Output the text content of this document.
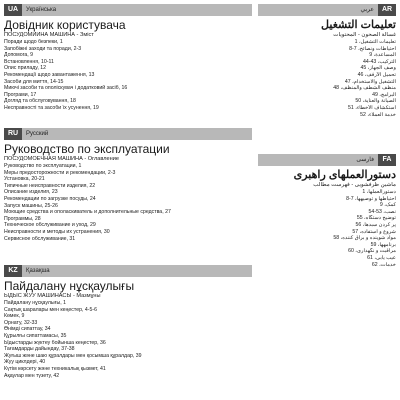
UA	Українська
Довідник користувача
ПОСУДОМИЙНА МАШИНА - Зміст
Поради щодо безпеки, 1
Запобіжні заходи та поради, 2-3
Допомога, 9
Встановлення, 10-11
Опис приладу, 12
Рекомендації щодо завантаження, 13
Засоби для миття, 14-15
Миючі засоби та ополіскувач і додатковий засіб, 16
Програми, 17
Догляд та обслуговування, 18
Несправності та засоби їх усунення, 19
RU	Русский
Руководство по эксплуатации
ПОСУДОМОЕЧНАЯ МАШИНА - Оглавление
Руководство по эксплуатации, 1
Меры предосторожности и рекомендации, 2-3
Установка, 20-21
Типичные неисправности изделия, 22
Описание изделия, 23
Рекомендации по загрузке посуды, 24
Запуск машины, 25-26
Моющие средства и ополаскиватель и дополнительные средства, 27
Программы, 28
Техническое обслуживание и уход, 29
Неисправности и методы их устранения, 30
Сервисное обслуживание, 31
KZ	Қазақша
Пайдалану нұсқаулығы
ЫДЫС ЖУУ МАШИНАСЫ - Мазмұны
Пайдалану нұсқаулығы, 1
Сақтық шаралары мен кеңестер, 4-5-6
Көмек, 9
Орнату, 32-33
Өнімді сипаттау, 34
Құрылғы сипаттамасы, 35
Ыдыстарды жүктеу бойынша кеңестер, 36
Тағамдарды дайындау, 37-38
Жуғыш және шаю құралдары мен қосымша құралдар, 39
Жуу циклдері, 40
Күтім көрсету және техникалық қызмет, 41
Ақаулар мен түзету, 42
AR
عربي
تعليمات التشغيل
غسالة الصحون - المحتويات
تعليمات التشغيل، 1
احتياطات ونصائح، 7-8
المساعدة، 9
التركيب، 43-44
وصف الجهاز، 45
تحميل الأرفف، 46
التشغيل والاستخدام، 47
منظف الشطف والمنظف، 48
البرامج، 49
الصيانة والعناية، 50
استكشاف الأخطاء، 51
خدمة العملاء، 52
FA
فارسی
دستورالعملهای راهبری
ماشین ظرفشویی - فهرست مطالب
دستورالعملها، 1
احتیاطها و توصیهها، 7-8
کمک، 9
نصب، 53-54
توضیح دستگاه، 55
پر کردن سبدها، 56
شروع و استفاده، 57
مواد شوینده و براق کننده، 58
برنامهها، 59
مراقبت و نگهداری، 60
عیب یابی، 61
خدمات، 62
